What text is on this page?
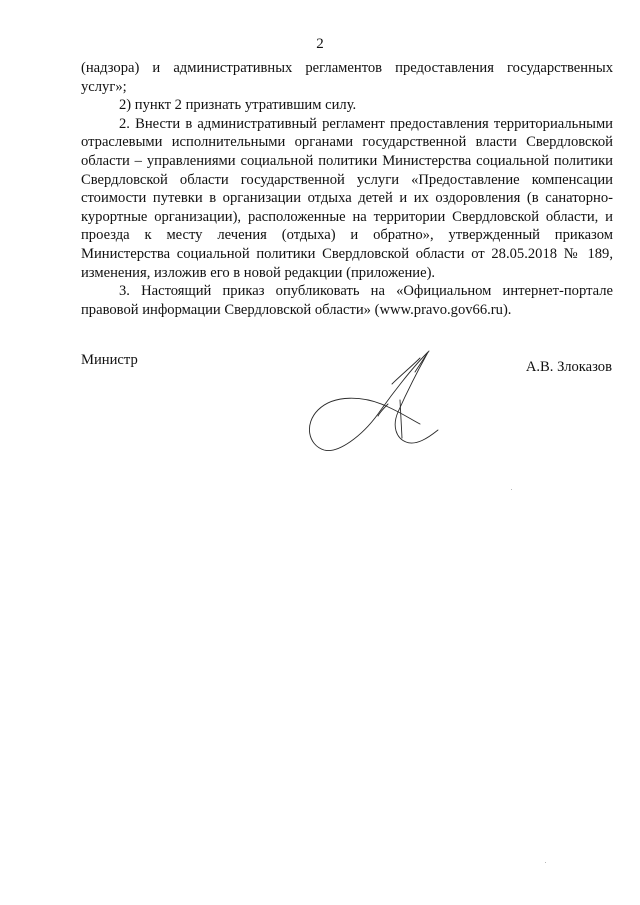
2

(надзора) и административных регламентов предоставления государственных услуг»;

2) пункт 2 признать утратившим силу.

2. Внести в административный регламент предоставления территориальными отраслевыми исполнительными органами государственной власти Свердловской области – управлениями социальной политики Министерства социальной политики Свердловской области государственной услуги «Предоставление компенсации стоимости путевки в организации отдыха детей и их оздоровления (в санаторно-курортные организации), расположенные на территории Свердловской области, и проезда к месту лечения (отдыха) и обратно», утвержденный приказом Министерства социальной политики Свердловской области от 28.05.2018 № 189, изменения, изложив его в новой редакции (приложение).

3. Настоящий приказ опубликовать на «Официальном интернет-портале правовой информации Свердловской области» (www.pravo.gov66.ru).

Министр	А.В. Злоказов
